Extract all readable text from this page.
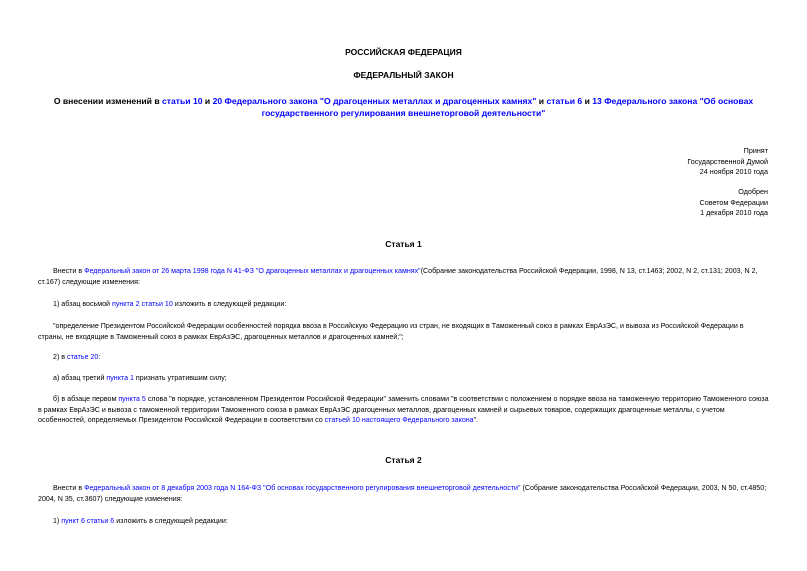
РОССИЙСКАЯ ФЕДЕРАЦИЯ
ФЕДЕРАЛЬНЫЙ ЗАКОН
О внесении изменений в статьи 10 и 20 Федерального закона "О драгоценных металлах и драгоценных камнях" и статьи 6 и 13 Федерального закона "Об основах государственного регулирования внешнеторговой деятельности"
Принят
Государственной Думой
24 ноября 2010 года
Одобрен
Советом Федерации
1 декабря 2010 года
Статья 1
Внести в Федеральный закон от 26 марта 1998 года N 41-ФЗ "О драгоценных металлах и драгоценных камнях"(Собрание законодательства Российской Федерации, 1998, N 13, ст.1463; 2002, N 2, ст.131; 2003, N 2, ст.167) следующие изменения:
1) абзац восьмой пункта 2 статьи 10 изложить в следующей редакции:
"определение Президентом Российской Федерации особенностей порядка ввоза в Российскую Федерацию из стран, не входящих в Таможенный союз в рамках ЕврАзЭС, и вывоза из Российской Федерации в страны, не входящие в Таможенный союз в рамках ЕврАзЭС, драгоценных металлов и драгоценных камней;";
2) в статье 20:
а) абзац третий пункта 1 признать утратившим силу;
б) в абзаце первом пункта 5 слова "в порядке, установленном Президентом Российской Федерации" заменить словами "в соответствии с положением о порядке ввоза на таможенную территорию Таможенного союза в рамках ЕврАзЭС и вывоза с таможенной территории Таможенного союза в рамках ЕврАзЭС драгоценных металлов, драгоценных камней и сырьевых товаров, содержащих драгоценные металлы, с учетом особенностей, определяемых Президентом Российской Федерации в соответствии со статьей 10 настоящего Федерального закона".
Статья 2
Внести в Федеральный закон от 8 декабря 2003 года N 164-ФЗ "Об основах государственного регулирования внешнеторговой деятельности" (Собрание законодательства Российской Федерации, 2003, N 50, ст.4850; 2004, N 35, ст.3607) следующие изменения:
1) пункт 6 статьи 6 изложить в следующей редакции:
